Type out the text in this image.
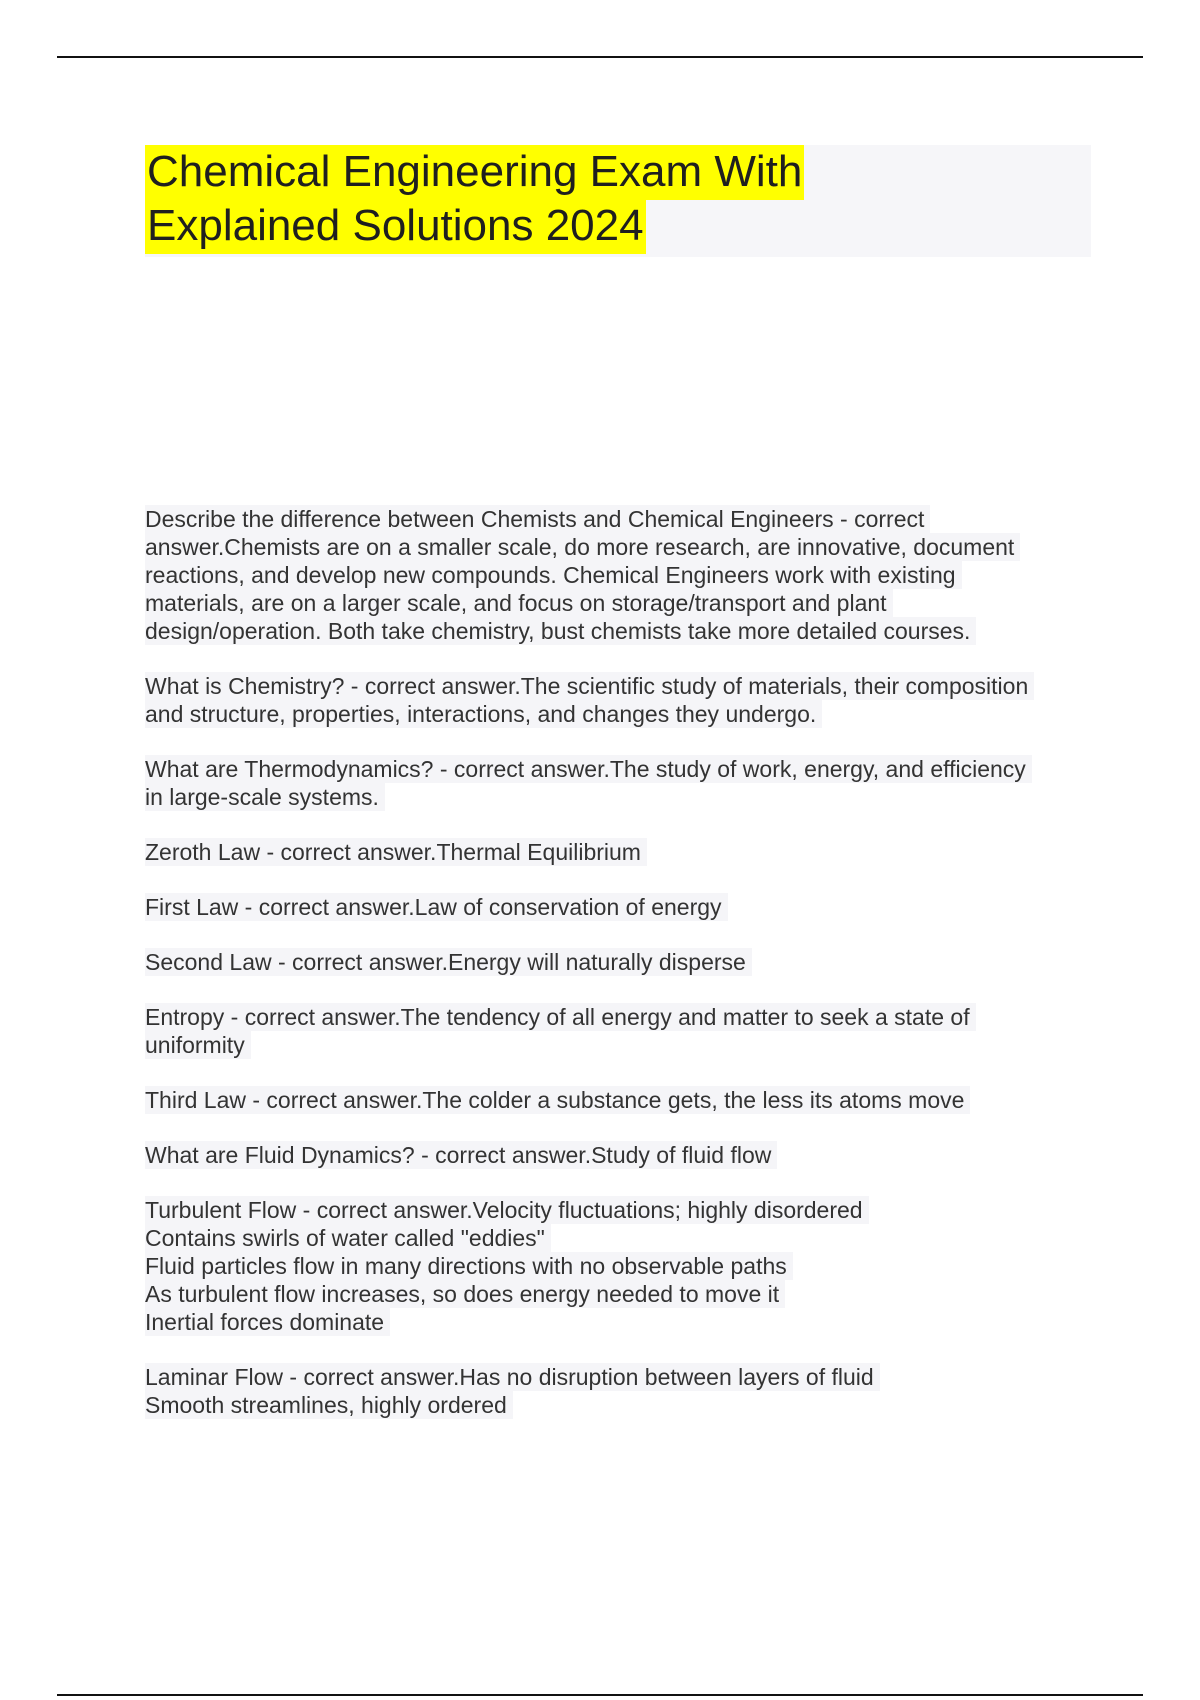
Chemical Engineering Exam With
Explained Solutions 2024
Describe the difference between Chemists and Chemical Engineers - correct
answer.Chemists are on a smaller scale, do more research, are innovative, document
reactions, and develop new compounds. Chemical Engineers work with existing
materials, are on a larger scale, and focus on storage/transport and plant
design/operation. Both take chemistry, bust chemists take more detailed courses.
What is Chemistry? - correct answer.The scientific study of materials, their composition
and structure, properties, interactions, and changes they undergo.
What are Thermodynamics? - correct answer.The study of work, energy, and efficiency
in large-scale systems.
Zeroth Law - correct answer.Thermal Equilibrium
First Law - correct answer.Law of conservation of energy
Second Law - correct answer.Energy will naturally disperse
Entropy - correct answer.The tendency of all energy and matter to seek a state of
uniformity
Third Law - correct answer.The colder a substance gets, the less its atoms move
What are Fluid Dynamics? - correct answer.Study of fluid flow
Turbulent Flow - correct answer.Velocity fluctuations; highly disordered
Contains swirls of water called "eddies"
Fluid particles flow in many directions with no observable paths
As turbulent flow increases, so does energy needed to move it
Inertial forces dominate
Laminar Flow - correct answer.Has no disruption between layers of fluid
Smooth streamlines, highly ordered
